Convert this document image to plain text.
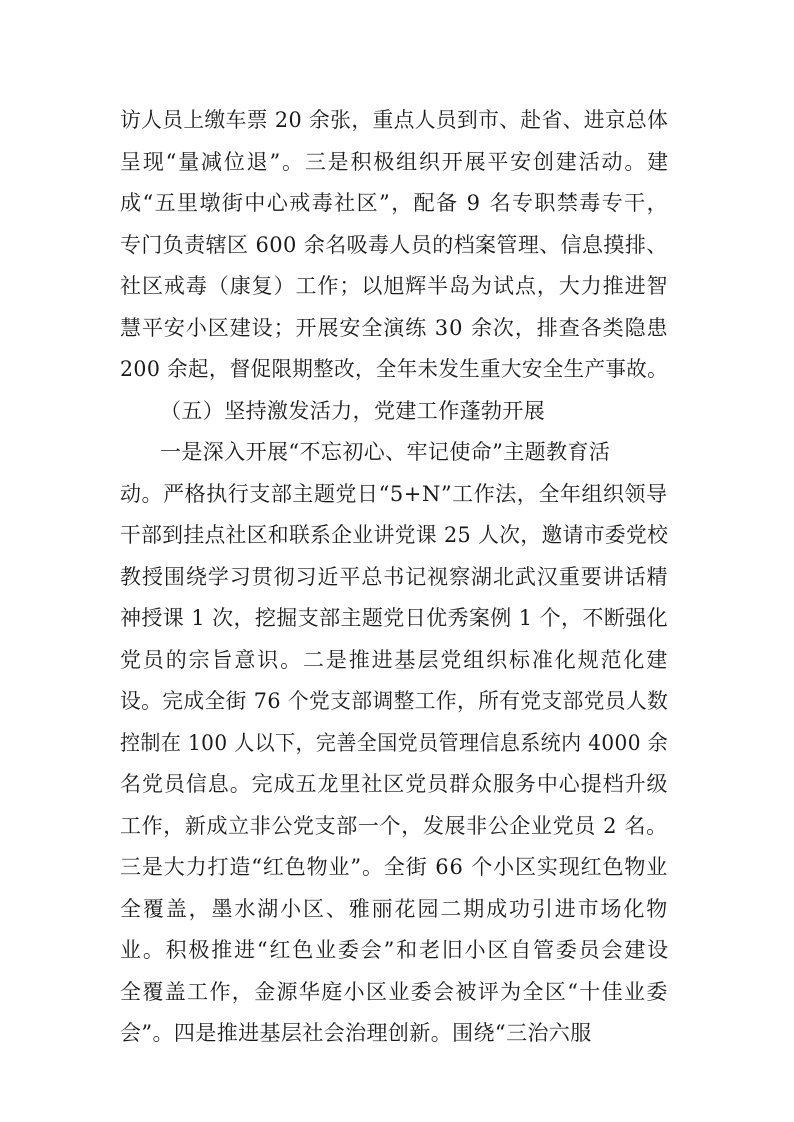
访人员上缴车票 20 余张，重点人员到市、赴省、进京总体
呈现“量减位退”。三是积极组织开展平安创建活动。建
成“五里墩街中心戒毒社区”，配备 9 名专职禁毒专干，
专门负责辖区 600 余名吸毒人员的档案管理、信息摸排、
社区戒毒（康复）工作；以旭辉半岛为试点，大力推进智
慧平安小区建设；开展安全演练 30 余次，排查各类隐患
200 余起，督促限期整改，全年未发生重大安全生产事故。
（五）坚持激发活力，党建工作蓬勃开展
一是深入开展“不忘初心、牢记使命”主题教育活
动。严格执行支部主题党日“5+N”工作法，全年组织领导
干部到挂点社区和联系企业讲党课 25 人次，邀请市委党校
教授围绕学习贯彻习近平总书记视察湖北武汉重要讲话精
神授课 1 次，挖掘支部主题党日优秀案例 1 个，不断强化
党员的宗旨意识。二是推进基层党组织标准化规范化建
设。完成全街 76 个党支部调整工作，所有党支部党员人数
控制在 100 人以下，完善全国党员管理信息系统内 4000 余
名党员信息。完成五龙里社区党员群众服务中心提档升级
工作，新成立非公党支部一个，发展非公企业党员 2 名。
三是大力打造“红色物业”。全街 66 个小区实现红色物业
全覆盖，墨水湖小区、雅丽花园二期成功引进市场化物
业。积极推进“红色业委会”和老旧小区自管委员会建设
全覆盖工作，金源华庭小区业委会被评为全区“十佳业委
会”。四是推进基层社会治理创新。围绕“三治六服
